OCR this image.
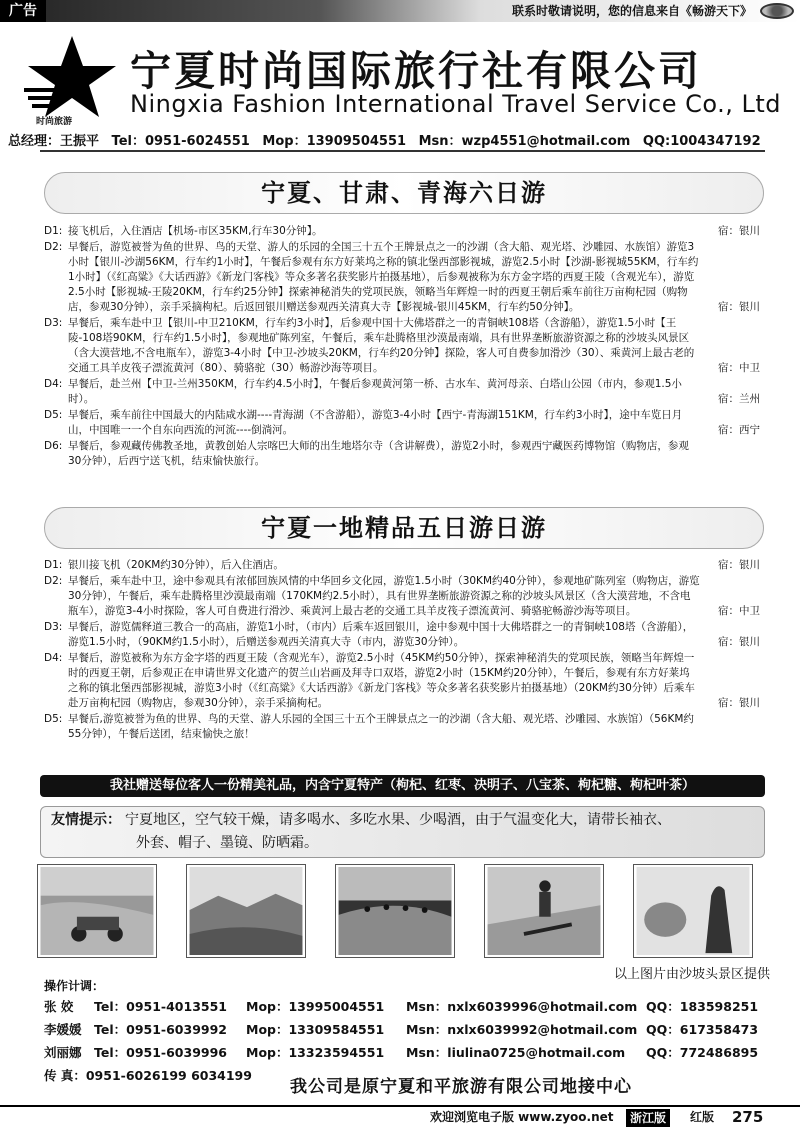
广告	联系时敬请说明，您的信息来自《畅游天下》
时尚旅游
宁夏时尚国际旅行社有限公司
Ningxia Fashion International Travel Service Co., Ltd
总经理：王振平 Tel：0951-6024551 Mop：13909504551 Msn：wzp4551@hotmail.com QQ:1004347192
宁夏、甘肃、青海六日游
D1: 接飞机后，入住酒店【机场-市区35KM,行车30分钟】。	宿：银川
D2: 早餐后，游览被誉为鱼的世界、鸟的天堂、游人的乐园的全国三十五个王牌景点之一的沙湖（含大船、观光塔、沙雕园、水族馆）游览3小时【银川-沙湖56KM，行车约1小时】，午餐后参观有东方好莱坞之称的镇北堡西部影视城，游览2.5小时【沙湖-影视城55KM，行车约1小时】（《红高粱》《大话西游》《新龙门客栈》等众多著名获奖影片拍摄基地），后参观被称为东方金字塔的西夏王陵（含观光车），游览2.5小时【影视城-王陵20KM，行车约25分钟】探索神秘消失的党项民族，领略当年辉煌一时的西夏王朝后乘车前往万亩枸杞园（购物店，参观30分钟），亲手采摘枸杞。后返回银川赠送参观西关清真大寺【影视城-银川45KM，行车约50分钟】。	宿：银川
D3: 早餐后，乘车赴中卫【银川-中卫210KM，行车约3小时】，后参观中国十大佛塔群之一的青铜峡108塔（含游船），游览1.5小时【王陵-108塔90KM，行车约1.5小时】，参观地矿陈列室，午餐后，乘车赴腾格里沙漠最南端，具有世界垄断旅游资源之称的沙坡头风景区（含大漠营地,不含电瓶车），游览3-4小时【中卫-沙坡头20KM，行车约20分钟】探险，客人可自费参加滑沙（30）、乘黄河上最古老的交通工具羊皮筏子漂流黄河（80）、骑骆驼（30）畅游沙海等项目。	宿：中卫
D4: 早餐后，赴兰州【中卫-兰州350KM，行车约4.5小时】，午餐后参观黄河第一桥、古水车、黄河母亲、白塔山公园（市内，参观1.5小时）。	宿：兰州
D5: 早餐后，乘车前往中国最大的内陆咸水湖----青海湖（不含游船），游览3-4小时【西宁-青海湖151KM，行车约3小时】，途中车览日月山，中国唯一一个自东向西流的河流----倒淌河。	宿：西宁
D6: 早餐后，参观藏传佛教圣地，黄教创始人宗喀巴大师的出生地塔尔寺（含讲解费），游览2小时，参观西宁藏医药博物馆（购物店，参观30分钟），后西宁送飞机，结束愉快旅行。
宁夏一地精品五日游日游
D1: 银川接飞机（20KM约30分钟），后入住酒店。	宿：银川
D2: 早餐后，乘车赴中卫，途中参观具有浓郁回族风情的中华回乡文化园，游览1.5小时（30KM约40分钟），参观地矿陈列室（购物店，游览30分钟），午餐后，乘车赴腾格里沙漠最南端（170KM约2.5小时），具有世界垄断旅游资源之称的沙坡头风景区（含大漠营地，不含电瓶车），游览3-4小时探险，客人可自费进行滑沙、乘黄河上最古老的交通工具羊皮筏子漂流黄河、骑骆驼畅游沙海等项目。	宿：中卫
D3: 早餐后，游览儒释道三教合一的高庙，游览1小时，（市内）后乘车返回银川，途中参观中国十大佛塔群之一的青铜峡108塔（含游船），游览1.5小时，（90KM约1.5小时），后赠送参观西关清真大寺（市内，游览30分钟）。	宿：银川
D4: 早餐后，游览被称为东方金字塔的西夏王陵（含观光车），游览2.5小时（45KM约50分钟），探索神秘消失的党项民族，领略当年辉煌一时的西夏王朝，后参观正在申请世界文化遗产的贺兰山岩画及拜寺口双塔，游览2小时（15KM约20分钟），午餐后，参观有东方好莱坞之称的镇北堡西部影视城，游览3小时（《红高粱》《大话西游》《新龙门客栈》等众多著名获奖影片拍摄基地）（20KM约30分钟）后乘车赴万亩枸杞园（购物店，参观30分钟），亲手采摘枸杞。	宿：银川
D5: 早餐后,游览被誉为鱼的世界、鸟的天堂、游人乐园的全国三十五个王牌景点之一的沙湖（含大船、观光塔、沙雕园、水族馆）（56KM约55分钟），午餐后送团，结束愉快之旅！
我社赠送每位客人一份精美礼品，内含宁夏特产（枸杞、红枣、决明子、八宝茶、枸杞糖、枸杞叶茶）
友情提示： 宁夏地区，空气较干燥，请多喝水、多吃水果、少喝酒，由于气温变化大，请带长袖衣、
外套、帽子、墨镜、防晒霜。
以上图片由沙坡头景区提供
操作计调：
张 姣 Tel：0951-4013551 Mop：13995004551 Msn：nxlx6039996@hotmail.com QQ：183598251
李媛媛 Tel：0951-6039992 Mop：13309584551 Msn：nxlx6039992@hotmail.com QQ：617358473
刘丽娜 Tel：0951-6039996 Mop：13323594551 Msn：liulina0725@hotmail.com QQ：772486895
传 真：0951-6026199 6034199
我公司是原宁夏和平旅游有限公司地接中心
欢迎浏览电子版 www.zyoo.net	浙江版	红版 275
